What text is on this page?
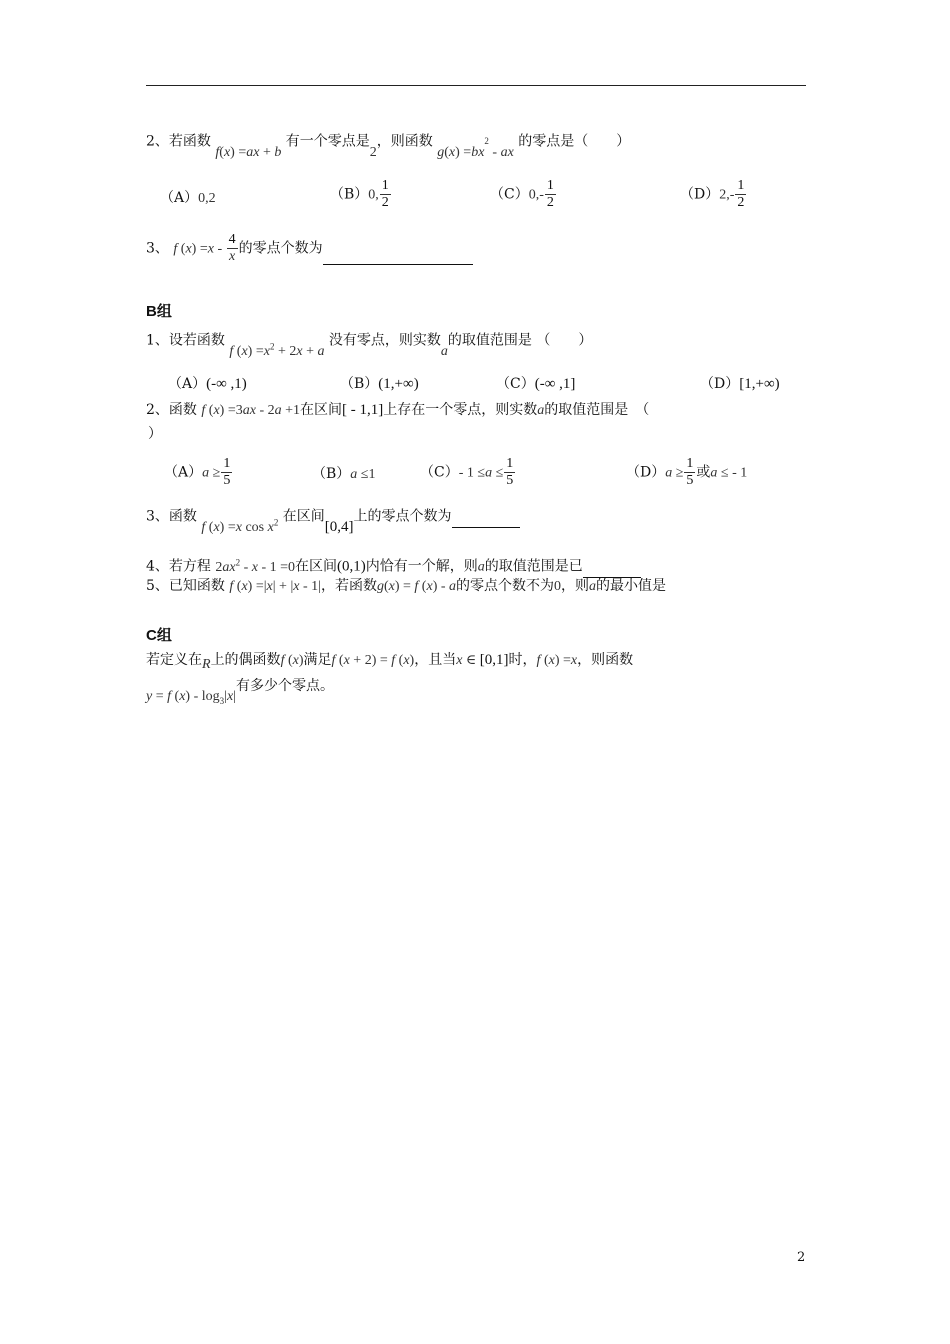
2、若函数 f(x) =ax + b 有一个零点是2，则函数 $g(x) =bx^2$ - ax 的零点是（　　）
（A）0,2	（B）0, $\frac{1}{2}$	$(C)0,- \frac{1}{2}$	$(D)2,- \frac{1}{2}$
3、 f $(x) =x - \frac{4}{x}$ 的零点个数为
B组
1、设若函数 f $(x) =x^2 + 2x + a$ 没有零点，则实数a的取值范围是 （　　）
（A）(-∞ ,1)	（B）(1,+∞)	（C）(-∞ ,1]	（D）[1,+∞)
2、函数 f (x) =3ax - 2a +1在区间[ - 1,1]上存在一个零点，则实数a的取值范围是　（
）
$(A)a \ge \frac{1}{5}$	（B）a ≤1	（C）- $1 \le a \le \frac{1}{5}$	$(D)a \ge \frac{1}{5}$ 或a ≤ - 1
3、函数 f (x) =x $\cos x^2$ 在区间[0,4]上的零点个数为
4、若方程 $2ax^2 - x - 1 =0$在区间(0,1)内恰有一个解，则a的取值范围是已
5、已知函数 f (x) =|x| + |x - 1|，若函数g(x) = f (x) - a的零点个数不为0，则a的最小值是
C组
若定义在R上的偶函数f (x)满足f (x + 2) = f (x)，且当x ∈ [0,1]时，f (x) =x，则函数
y = f $(x) - \log_3|x|$有多少个零点。
2
